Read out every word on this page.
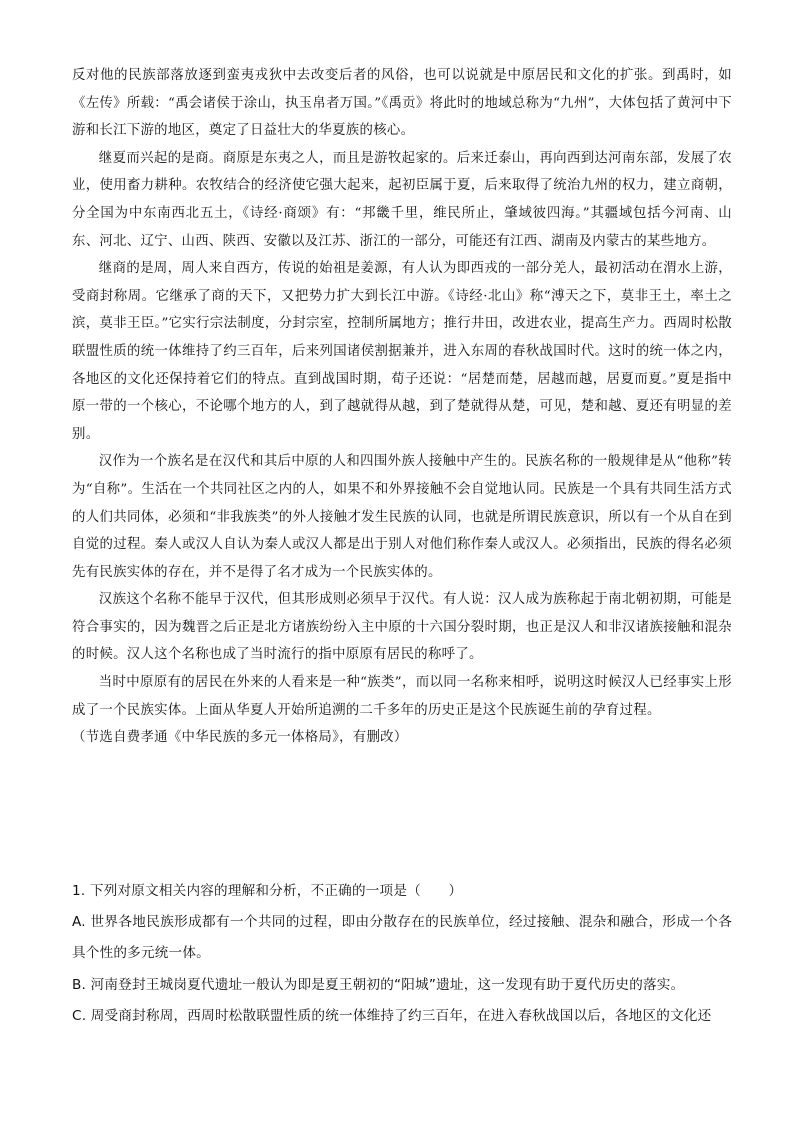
反对他的民族部落放逐到蛮夷戎狄中去改变后者的风俗，也可以说就是中原居民和文化的扩张。到禹时，如《左传》所载：“禹会诸侯于涂山，执玉帛者万国。”《禹贡》将此时的地域总称为“九州”，大体包括了黄河中下游和长江下游的地区，奠定了日益壮大的华夏族的核心。

继夏而兴起的是商。商原是东夷之人，而且是游牧起家的。后来迁泰山，再向西到达河南东部，发展了农业，使用畜力耕种。农牧结合的经济使它强大起来，起初臣属于夏，后来取得了统治九州的权力，建立商朝，分全国为中东南西北五土，《诗经·商颂》有：“邦畿千里，维民所止，肇域彼四海。”其疆域包括今河南、山东、河北、辽宁、山西、陕西、安徽以及江苏、浙江的一部分，可能还有江西、湖南及内蒙古的某些地方。

继商的是周，周人来自西方，传说的始祖是姜源，有人认为即西戎的一部分羌人，最初活动在渭水上游，受商封称周。它继承了商的天下，又把势力扩大到长江中游。《诗经·北山》称“溥天之下，莫非王土，率土之滨，莫非王臣。”它实行宗法制度，分封宗室，控制所属地方；推行井田，改进农业，提高生产力。西周时松散联盟性质的统一体维持了约三百年，后来列国诸侯割据兼并，进入东周的春秋战国时代。这时的统一体之内，各地区的文化还保持着它们的特点。直到战国时期，荀子还说：“居楚而楚，居越而越，居夏而夏。”夏是指中原一带的一个核心，不论哪个地方的人，到了越就得从越，到了楚就得从楚，可见，楚和越、夏还有明显的差别。

汉作为一个族名是在汉代和其后中原的人和四围外族人接触中产生的。民族名称的一般规律是从“他称”转为“自称”。生活在一个共同社区之内的人，如果不和外界接触不会自觉地认同。民族是一个具有共同生活方式的人们共同体，必须和“非我族类”的外人接触才发生民族的认同，也就是所谓民族意识，所以有一个从自在到自觉的过程。秦人或汉人自认为秦人或汉人都是出于别人对他们称作秦人或汉人。必须指出，民族的得名必须先有民族实体的存在，并不是得了名才成为一个民族实体的。

汉族这个名称不能早于汉代，但其形成则必须早于汉代。有人说：汉人成为族称起于南北朝初期，可能是符合事实的，因为魏晋之后正是北方诸族纷纷入主中原的十六国分裂时期，也正是汉人和非汉诸族接触和混杂的时候。汉人这个名称也成了当时流行的指中原原有居民的称呼了。

当时中原原有的居民在外来的人看来是一种“族类”，而以同一名称来相呼，说明这时候汉人已经事实上形成了一个民族实体。上面从华夏人开始所追溯的二千多年的历史正是这个民族诞生前的孕育过程。

（节选自费孝通《中华民族的多元一体格局》，有删改）

1. 下列对原文相关内容的理解和分析，不正确的一项是（　　）

A. 世界各地民族形成都有一个共同的过程，即由分散存在的民族单位，经过接触、混杂和融合，形成一个各具个性的多元统一体。

B. 河南登封王城岗夏代遗址一般认为即是夏王朝初的“阳城”遗址，这一发现有助于夏代历史的落实。

C. 周受商封称周，西周时松散联盟性质的统一体维持了约三百年，在进入春秋战国以后，各地区的文化还
